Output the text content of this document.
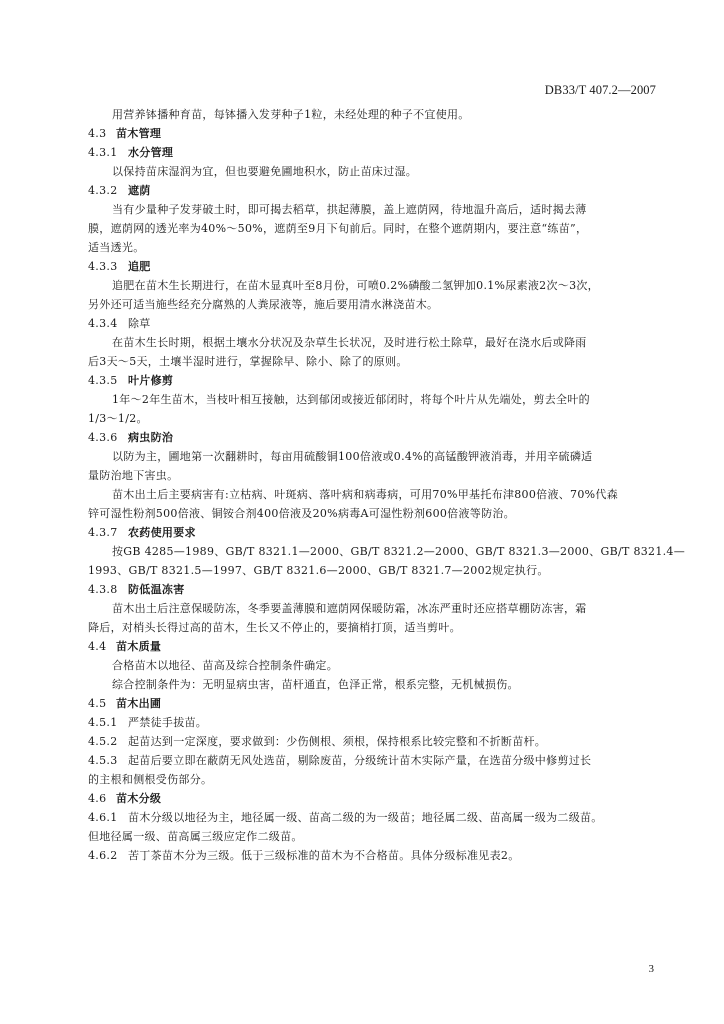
DB33/T 407.2—2007
用营养钵播种育苗，每钵播入发芽种子1粒，未经处理的种子不宜使用。
4.3 苗木管理
4.3.1 水分管理
以保持苗床湿润为宜，但也要避免圃地积水，防止苗床过湿。
4.3.2 遮荫
当有少量种子发芽破土时，即可揭去稻草，拱起薄膜，盖上遮荫网，待地温升高后，适时揭去薄
膜，遮荫网的透光率为40%～50%，遮荫至9月下旬前后。同时，在整个遮荫期内，要注意“练苗”，
适当透光。
4.3.3 追肥
追肥在苗木生长期进行，在苗木显真叶至8月份，可喷0.2%磷酸二氢钾加0.1%尿素液2次～3次，
另外还可适当施些经充分腐熟的人粪尿液等，施后要用清水淋浇苗木。
4.3.4 除草
在苗木生长时期，根据土壤水分状况及杂草生长状况，及时进行松土除草，最好在浇水后或降雨
后3天～5天，土壤半湿时进行，掌握除早、除小、除了的原则。
4.3.5 叶片修剪
1年～2年生苗木，当枝叶相互接触，达到郁闭或接近郁闭时，将每个叶片从先端处，剪去全叶的
1/3～1/2。
4.3.6 病虫防治
以防为主，圃地第一次翻耕时，每亩用硫酸铜100倍液或0.4%的高锰酸钾液消毒，并用辛硫磷适
量防治地下害虫。
苗木出土后主要病害有:立枯病、叶斑病、落叶病和病毒病，可用70%甲基托布津800倍液、70%代森
锌可湿性粉剂500倍液、铜铵合剂400倍液及20%病毒A可湿性粉剂600倍液等防治。
4.3.7 农药使用要求
按GB 4285—1989、GB/T 8321.1—2000、GB/T 8321.2—2000、GB/T 8321.3—2000、GB/T 8321.4—
1993、GB/T 8321.5—1997、GB/T 8321.6—2000、GB/T 8321.7—2002规定执行。
4.3.8 防低温冻害
苗木出土后注意保暖防冻，冬季要盖薄膜和遮荫网保暖防霜，冰冻严重时还应搭草棚防冻害，霜
降后，对梢头长得过高的苗木，生长又不停止的，要摘梢打顶，适当剪叶。
4.4 苗木质量
合格苗木以地径、苗高及综合控制条件确定。
综合控制条件为：无明显病虫害，苗杆通直，色泽正常，根系完整，无机械损伤。
4.5 苗木出圃
4.5.1 严禁徒手拔苗。
4.5.2 起苗达到一定深度，要求做到：少伤侧根、须根，保持根系比较完整和不折断苗杆。
4.5.3 起苗后要立即在蔽荫无风处选苗，剔除废苗，分级统计苗木实际产量，在选苗分级中修剪过长
的主根和侧根受伤部分。
4.6 苗木分级
4.6.1 苗木分级以地径为主，地径属一级、苗高二级的为一级苗；地径属二级、苗高属一级为二级苗。
但地径属一级、苗高属三级应定作二级苗。
4.6.2 苦丁茶苗木分为三级。低于三级标准的苗木为不合格苗。具体分级标准见表2。
3
